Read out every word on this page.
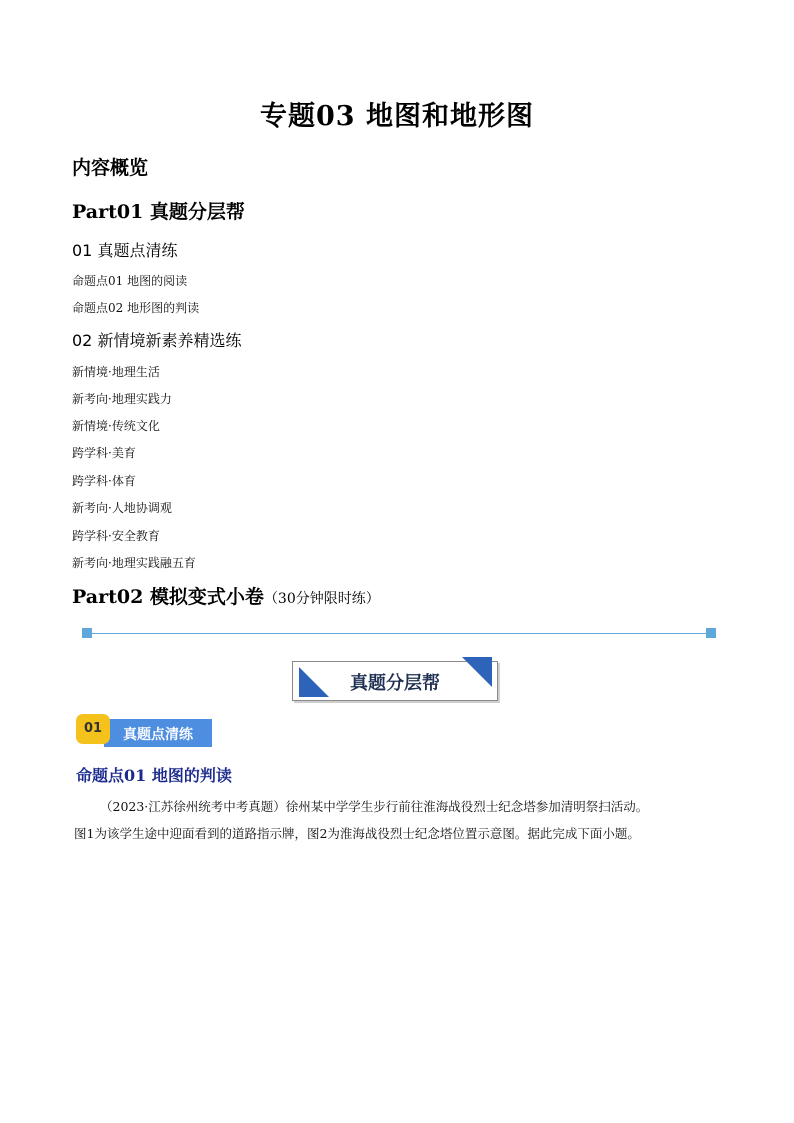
专题03 地图和地形图
内容概览
Part01 真题分层帮
01 真题点清练
命题点01 地图的阅读
命题点02 地形图的判读
02 新情境新素养精选练
新情境·地理生活
新考向·地理实践力
新情境·传统文化
跨学科·美育
跨学科·体育
新考向·人地协调观
跨学科·安全教育
新考向·地理实践融五育
Part02 模拟变式小卷（30分钟限时练）
真题分层帮
真题点清练
01
命题点01 地图的判读
（2023·江苏徐州统考中考真题）徐州某中学学生步行前往淮海战役烈士纪念塔参加清明祭扫活动。
图1为该学生途中迎面看到的道路指示牌，图2为淮海战役烈士纪念塔位置示意图。据此完成下面小题。
